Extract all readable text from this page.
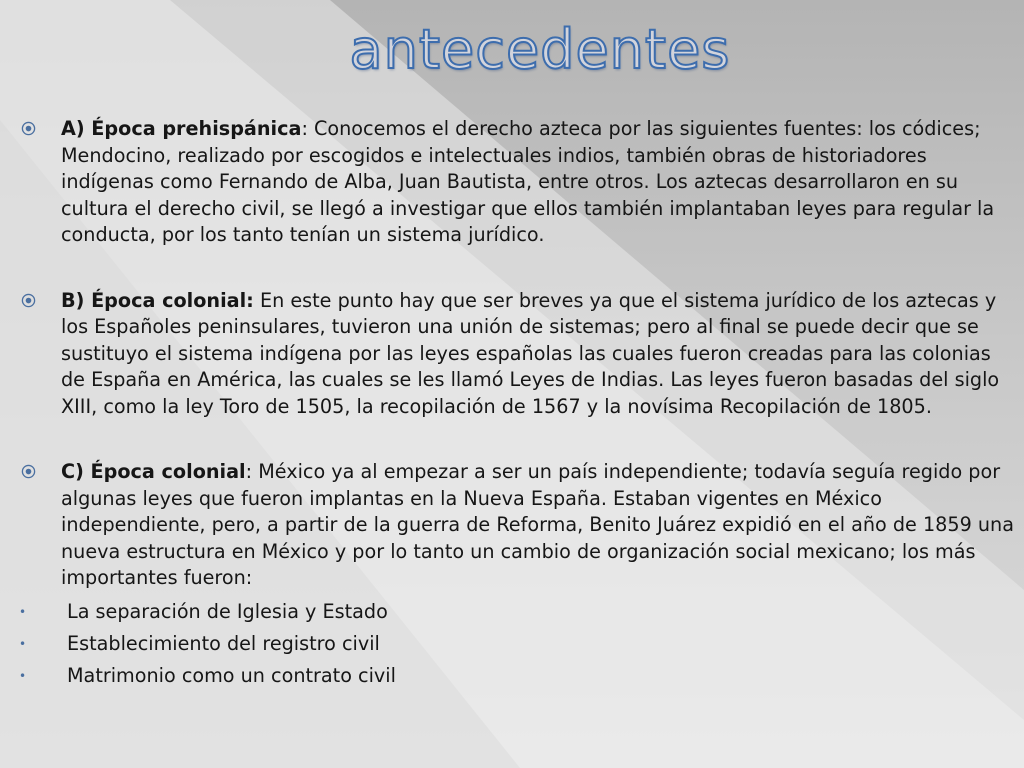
antecedentes
A) Época prehispánica: Conocemos el derecho azteca por las siguientes fuentes: los códices; Mendocino, realizado por escogidos e intelectuales indios, también obras de historiadores indígenas como Fernando de Alba, Juan Bautista, entre otros. Los aztecas desarrollaron en su cultura el derecho civil, se llegó a investigar que ellos también implantaban leyes para regular la conducta, por los tanto tenían un sistema jurídico.
B) Época colonial: En este punto hay que ser breves ya que el sistema jurídico de los aztecas y los Españoles peninsulares, tuvieron una unión de sistemas; pero al final se puede decir que se sustituyo el sistema indígena por las leyes españolas las cuales fueron creadas para las colonias de España en América, las cuales se les llamó Leyes de Indias. Las leyes fueron basadas del siglo XIII, como la ley Toro de 1505, la recopilación de 1567 y la novísima Recopilación de 1805.
C) Época colonial: México ya al empezar a ser un país independiente; todavía seguía regido por algunas leyes que fueron implantas en la Nueva España. Estaban vigentes en México independiente, pero, a partir de la guerra de Reforma, Benito Juárez expidió en el año de 1859 una nueva estructura en México y por lo tanto un cambio de organización social mexicano; los más importantes fueron:
• La separación de Iglesia y Estado
• Establecimiento del registro civil
• Matrimonio como un contrato civil
